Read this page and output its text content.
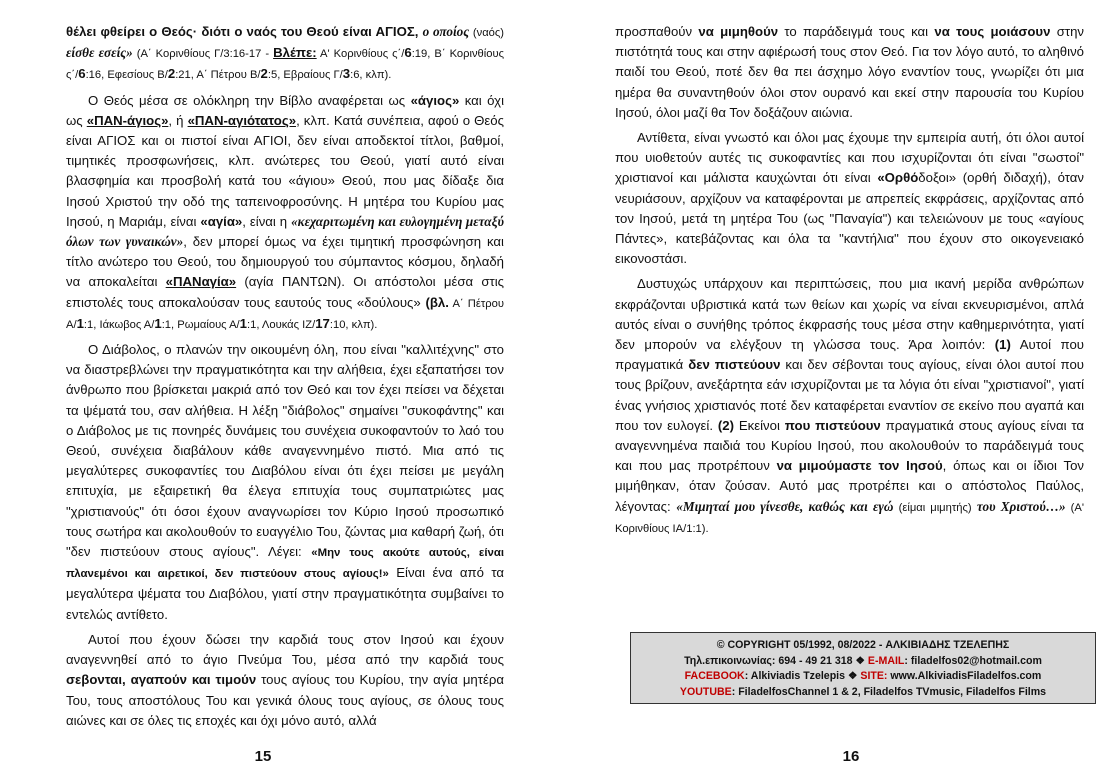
θέλει φθείρει ο Θεός· διότι ο ναός του Θεού είναι ΑΓΙΟΣ, ο οποίος (ναός) είσθε εσείς» (Α΄ Κορινθίους Γ/3:16-17 - Βλέπε: Α' Κορινθίους ς΄/6:19, Β΄ Κορινθίους ς΄/6:16, Εφεσίους Β/2:21, Α΄ Πέτρου Β/2:5, Εβραίους Γ/3:6, κλπ).

Ο Θεός μέσα σε ολόκληρη την Βίβλο αναφέρεται ως «άγιος» και όχι ως «ΠΑΝ-άγιος», ή «ΠΑΝ-αγιότατος», κλπ. Κατά συνέπεια, αφού ο Θεός είναι ΑΓΙΟΣ και οι πιστοί είναι ΑΓΙΟΙ, δεν είναι αποδεκτοί τίτλοι, βαθμοί, τιμητικές προσφωνήσεις, κλπ. ανώτερες του Θεού, γιατί αυτό είναι βλασφημία και προσβολή κατά του «άγιου» Θεού, που μας δίδαξε δια Ιησού Χριστού την οδό της ταπεινοφροσύνης. Η μητέρα του Κυρίου μας Ιησού, η Μαριάμ, είναι «αγία», είναι η «κεχαριτωμένη και ευλογημένη μεταξύ όλων των γυναικών», δεν μπορεί όμως να έχει τιμητική προσφώνηση και τίτλο ανώτερο του Θεού, του δημιουργού του σύμπαντος κόσμου, δηλαδή να αποκαλείται «ΠΑΝαγία» (αγία ΠΑΝΤΩΝ). Οι απόστολοι μέσα στις επιστολές τους αποκαλούσαν τους εαυτούς τους «δούλους» (βλ. Α΄ Πέτρου Α/1:1, Ιάκωβος Α/1:1, Ρωμαίους Α/1:1, Λουκάς ΙΖ/17:10, κλπ).

Ο Διάβολος, ο πλανών την οικουμένη όλη, που είναι "καλλιτέχνης" στο να διαστρεβλώνει την πραγματικότητα και την αλήθεια, έχει εξαπατήσει τον άνθρωπο που βρίσκεται μακριά από τον Θεό και τον έχει πείσει να δέχεται τα ψέματά του, σαν αλήθεια. Η λέξη "διάβολος" σημαίνει "συκοφάντης" και ο Διάβολος με τις πονηρές δυνάμεις του συνέχεια συκοφαντούν το λαό του Θεού, συνέχεια διαβάλουν κάθε αναγεννημένο πιστό. Μια από τις μεγαλύτερες συκοφαντίες του Διαβόλου είναι ότι έχει πείσει με μεγάλη επιτυχία, με εξαιρετική θα έλεγα επιτυχία τους συμπατριώτες μας "χριστιανούς" ότι όσοι έχουν αναγνωρίσει τον Κύριο Ιησού προσωπικό τους σωτήρα και ακολουθούν το ευαγγέλιο Του, ζώντας μια καθαρή ζωή, ότι "δεν πιστεύουν στους αγίους". Λέγει: «Μην τους ακούτε αυτούς, είναι πλανεμένοι και αιρετικοί, δεν πιστεύουν στους αγίους!» Είναι ένα από τα μεγαλύτερα ψέματα του Διαβόλου, γιατί στην πραγματικότητα συμβαίνει το εντελώς αντίθετο.

Αυτοί που έχουν δώσει την καρδιά τους στον Ιησού και έχουν αναγεννηθεί από το άγιο Πνεύμα Του, μέσα από την καρδιά τους σεβονται, αγαπούν και τιμούν τους αγίους του Κυρίου, την αγία μητέρα Του, τους αποστόλους Του και γενικά όλους τους αγίους, σε όλους τους αιώνες και σε όλες τις εποχές και όχι μόνο αυτό, αλλά

15

προσπαθούν να μιμηθούν το παράδειγμά τους και να τους μοιάσουν στην πιστότητά τους και στην αφιέρωσή τους στον Θεό. Για τον λόγο αυτό, το αληθινό παιδί του Θεού, ποτέ δεν θα πει άσχημο λόγο εναντίον τους, γνωρίζει ότι μια ημέρα θα συναντηθούν όλοι στον ουρανό και εκεί στην παρουσία του Κυρίου Ιησού, όλοι μαζί θα Τον δοξάζουν αιώνια.

Αντίθετα, είναι γνωστό και όλοι μας έχουμε την εμπειρία αυτή, ότι όλοι αυτοί που υιοθετούν αυτές τις συκοφαντίες και που ισχυρίζονται ότι είναι "σωστοί" χριστιανοί και μάλιστα καυχώνται ότι είναι «Ορθόδοξοι» (ορθή διδαχή), όταν νευριάσουν, αρχίζουν να καταφέρονται με απρεπείς εκφράσεις, αρχίζοντας από τον Ιησού, μετά τη μητέρα Του (ως "Παναγία") και τελειώνουν με τους «αγίους Πάντες», κατεβάζοντας και όλα τα "καντήλια" που έχουν στο οικογενειακό εικονοστάσι.

Δυστυχώς υπάρχουν και περιπτώσεις, που μια ικανή μερίδα ανθρώπων εκφράζονται υβριστικά κατά των θείων και χωρίς να είναι εκνευρισμένοι, απλά αυτός είναι ο συνήθης τρόπος έκφρασής τους μέσα στην καθημερινότητα, γιατί δεν μπορούν να ελέγξουν τη γλώσσα τους. Άρα λοιπόν: (1) Αυτοί που πραγματικά δεν πιστεύουν και δεν σέβονται τους αγίους, είναι όλοι αυτοί που τους βρίζουν, ανεξάρτητα εάν ισχυρίζονται με τα λόγια ότι είναι "χριστιανοί", γιατί ένας γνήσιος χριστιανός ποτέ δεν καταφέρεται εναντίον σε εκείνο που αγαπά και που τον ευλογεί. (2) Εκείνοι που πιστεύουν πραγματικά στους αγίους είναι τα αναγεννημένα παιδιά του Κυρίου Ιησού, που ακολουθούν το παράδειγμά τους και που μας προτρέπουν να μιμούμαστε τον Ιησού, όπως και οι ίδιοι Τον μιμήθηκαν, όταν ζούσαν. Αυτό μας προτρέπει και ο απόστολος Παύλος, λέγοντας: «Μιμηταί μου γίνεσθε, καθώς και εγώ (είμαι μιμητής) του Χριστού…» (Α' Κορινθίους ΙΑ/1:1).

16
© COPYRIGHT 05/1992, 08/2022 - ΑΛΚΙΒΙΑΔΗΣ ΤΖΕΛΕΠΗΣ
Τηλ.επικοινωνίας: 694 - 49 21 318 ❖ E-MAIL: filadelfos02@hotmail.com
FACEBOOK: Alkiviadis Tzelepis ❖ SITE: www.AlkiviadisFiladelfos.com
YOUTUBE: FiladelfosChannel 1 & 2, Filadelfos TVmusic, Filadelfos Films
